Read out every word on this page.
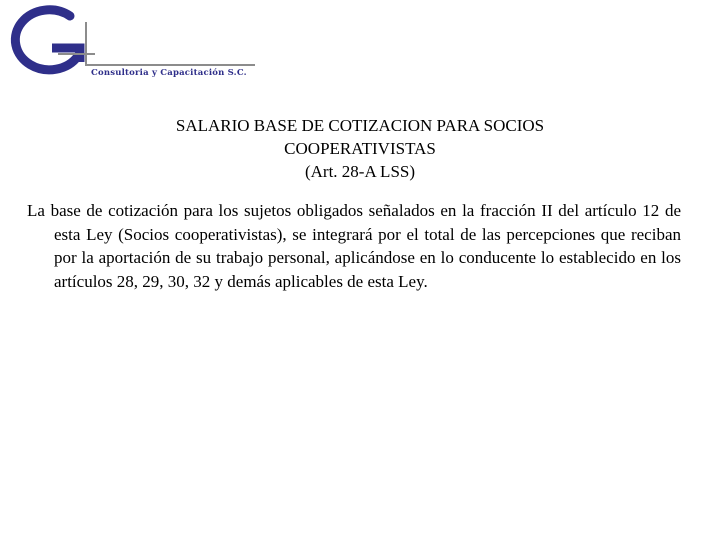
va
Consultoria y Capacitación S.C.
SALARIO BASE DE COTIZACION PARA SOCIOS
COOPERATIVISTAS
(Art. 28-A LSS)
La base de cotización para los sujetos obligados señalados en la fracción II del artículo 12 de esta Ley (Socios cooperativistas), se integrará por el total de las percepciones que reciban por la aportación de su trabajo personal, aplicándose en lo conducente lo establecido en los artículos 28, 29, 30, 32 y demás aplicables de esta Ley.
